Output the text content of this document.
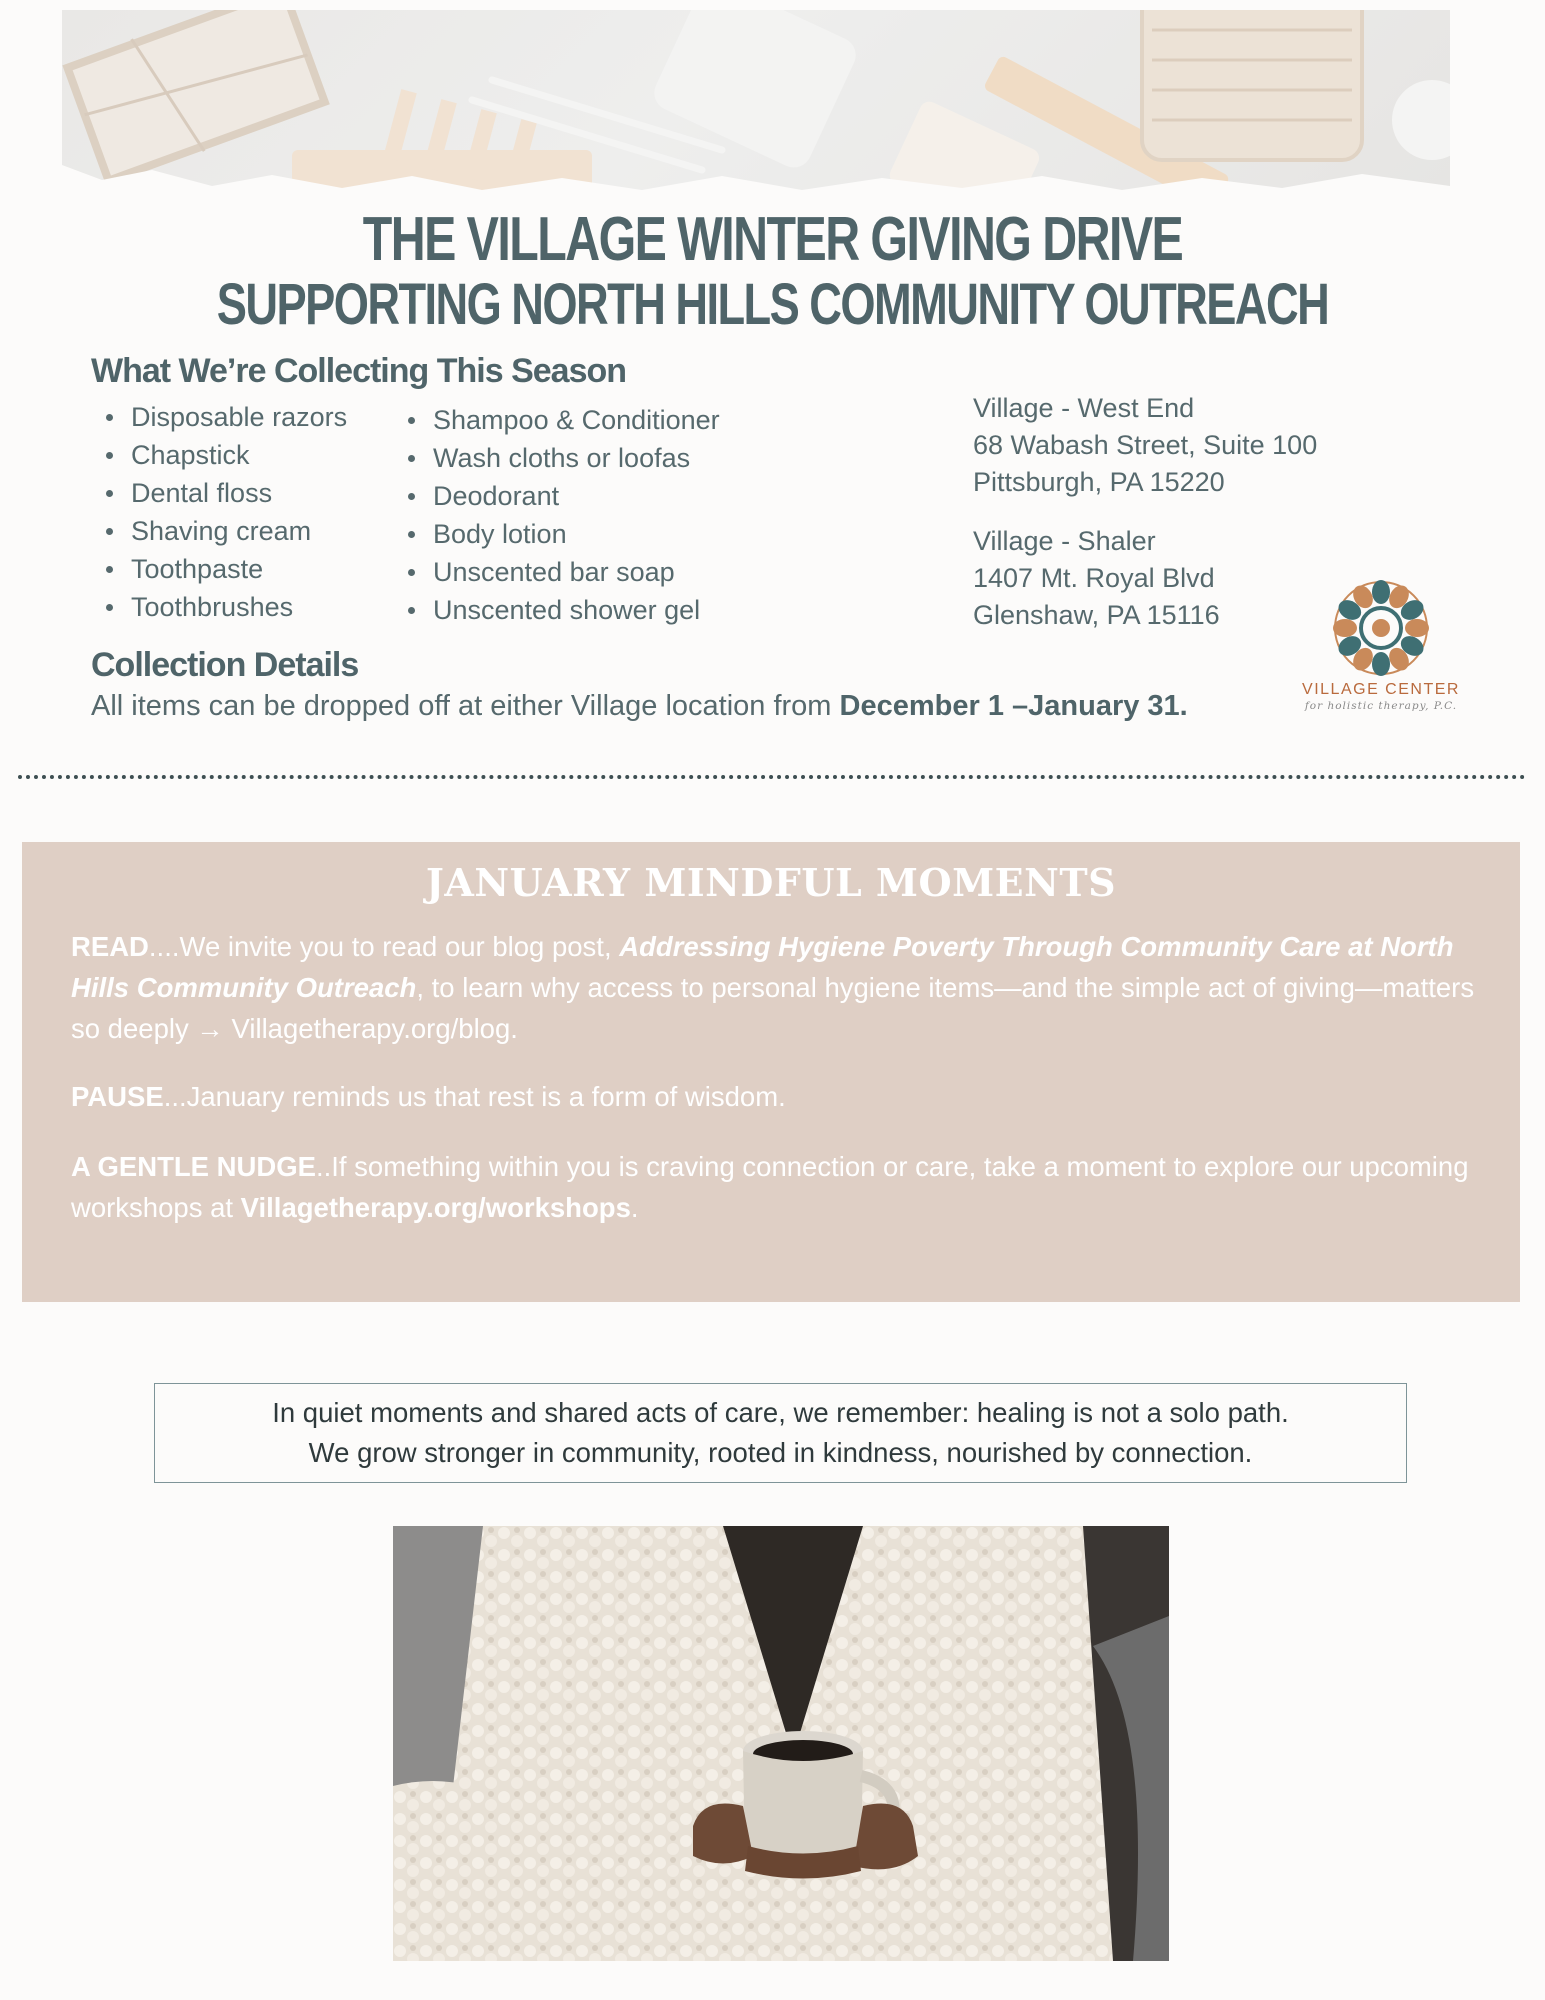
THE VILLAGE WINTER GIVING DRIVE
SUPPORTING NORTH HILLS COMMUNITY OUTREACH
What We’re Collecting This Season
Disposable razors
Chapstick
Dental floss
Shaving cream
Toothpaste
Toothbrushes
Shampoo & Conditioner
Wash cloths or loofas
Deodorant
Body lotion
Unscented bar soap
Unscented shower gel
Village - West End
68 Wabash Street, Suite 100
Pittsburgh, PA 15220
Village - Shaler
1407 Mt. Royal Blvd
Glenshaw, PA 15116
VILLAGE CENTER
for holistic therapy, P.C.
Collection Details
All items can be dropped off at either Village location from December 1 –January 31.
JANUARY MINDFUL MOMENTS
READ....We invite you to read our blog post, Addressing Hygiene Poverty Through Community Care at North Hills Community Outreach, to learn why access to personal hygiene items—and the simple act of giving—matters so deeply → Villagetherapy.org/blog.
PAUSE...January reminds us that rest is a form of wisdom.
A GENTLE NUDGE..If something within you is craving connection or care, take a moment to explore our upcoming workshops at Villagetherapy.org/workshops.
In quiet moments and shared acts of care, we remember: healing is not a solo path.
We grow stronger in community, rooted in kindness, nourished by connection.
